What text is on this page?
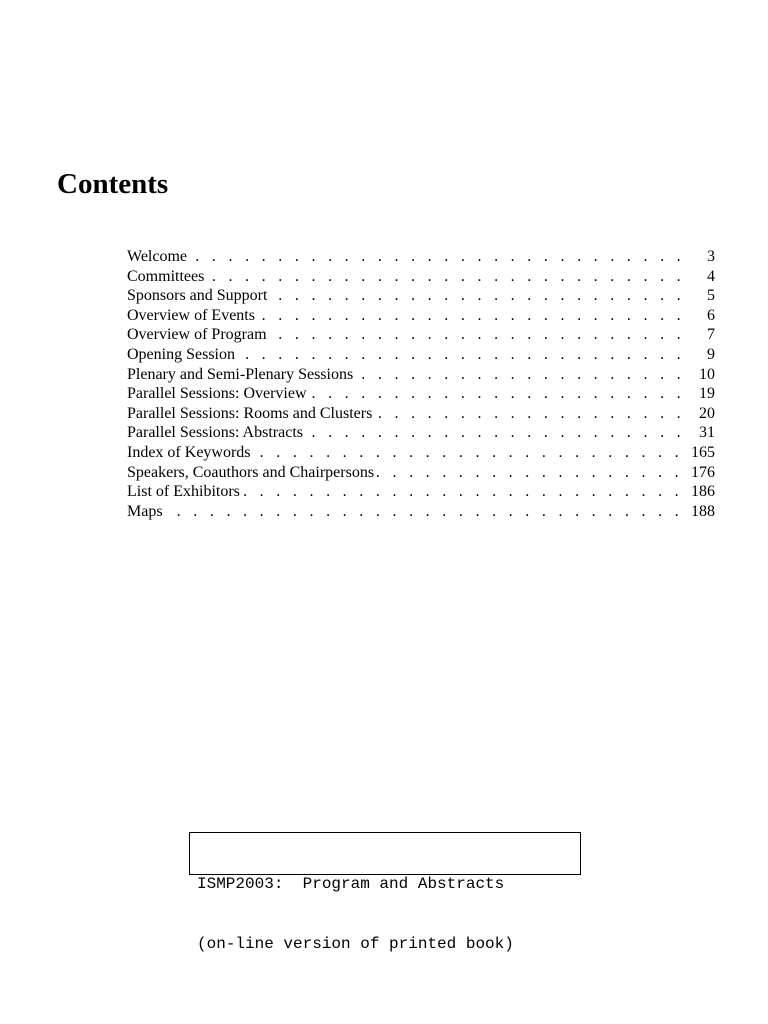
Contents
Welcome . . .	3
Committees . . .	4
Sponsors and Support . . .	5
Overview of Events . . .	6
Overview of Program . . .	7
Opening Session . . .	9
Plenary and Semi-Plenary Sessions . . .	10
Parallel Sessions: Overview . . .	19
Parallel Sessions: Rooms and Clusters . . .	20
Parallel Sessions: Abstracts . . .	31
Index of Keywords . . .	165
Speakers, Coauthors and Chairpersons . . .	176
List of Exhibitors . . .	186
Maps . . .	188

ISMP2003:  Program and Abstracts

(on-line version of printed book)
